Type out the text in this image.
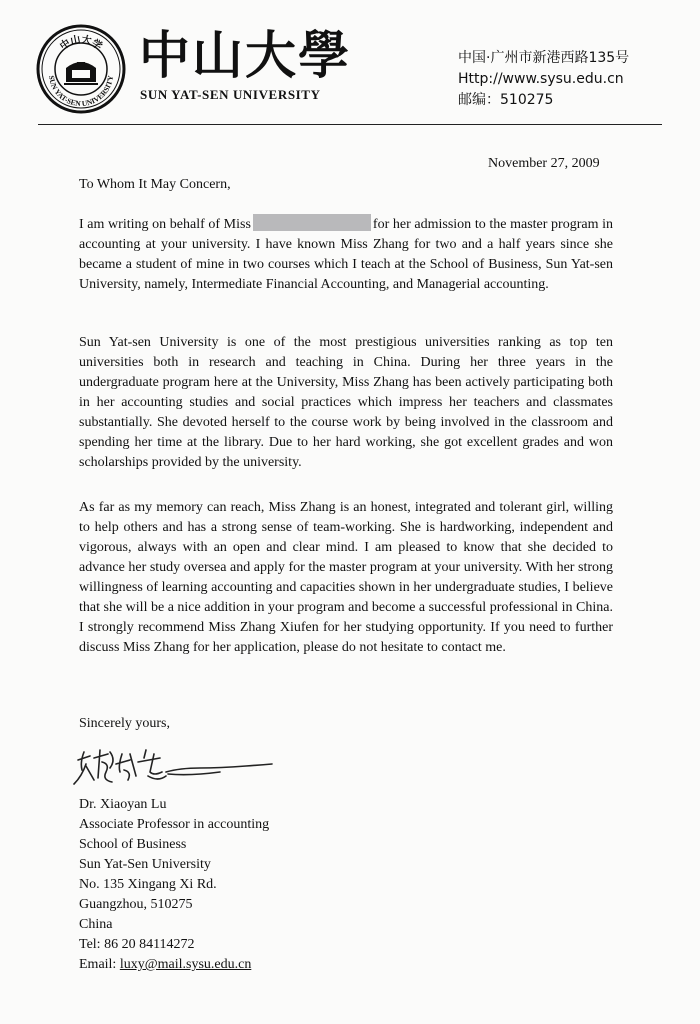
SUN YAT-SEN UNIVERSITY
中山大学 中山大學
SUN YAT-SEN UNIVERSITY
中国·广州市新港西路135号
Http://www.sysu.edu.cn
邮编：510275
November 27, 2009
To Whom It May Concern,
I am writing on behalf of Miss	for her admission to the master program in accounting at your university. I have known Miss Zhang for two and a half years since she became a student of mine in two courses which I teach at the School of Business, Sun Yat-sen University, namely, Intermediate Financial Accounting, and Managerial accounting.
Sun Yat-sen University is one of the most prestigious universities ranking as top ten universities both in research and teaching in China. During her three years in the undergraduate program here at the University, Miss Zhang has been actively participating both in her accounting studies and social practices which impress her teachers and classmates substantially. She devoted herself to the course work by being involved in the classroom and spending her time at the library. Due to her hard working, she got excellent grades and won scholarships provided by the university.
As far as my memory can reach, Miss Zhang is an honest, integrated and tolerant girl, willing to help others and has a strong sense of team-working. She is hardworking, independent and vigorous, always with an open and clear mind. I am pleased to know that she decided to advance her study oversea and apply for the master program at your university. With her strong willingness of learning accounting and capacities shown in her undergraduate studies, I believe that she will be a nice addition in your program and become a successful professional in China. I strongly recommend Miss Zhang Xiufen for her studying opportunity. If you need to further discuss Miss Zhang for her application, please do not hesitate to contact me.
Sincerely yours,
Dr. Xiaoyan Lu
Associate Professor in accounting
School of Business
Sun Yat-Sen University
No. 135 Xingang Xi Rd.
Guangzhou, 510275
China
Tel: 86 20 84114272
Email: luxy@mail.sysu.edu.cn
